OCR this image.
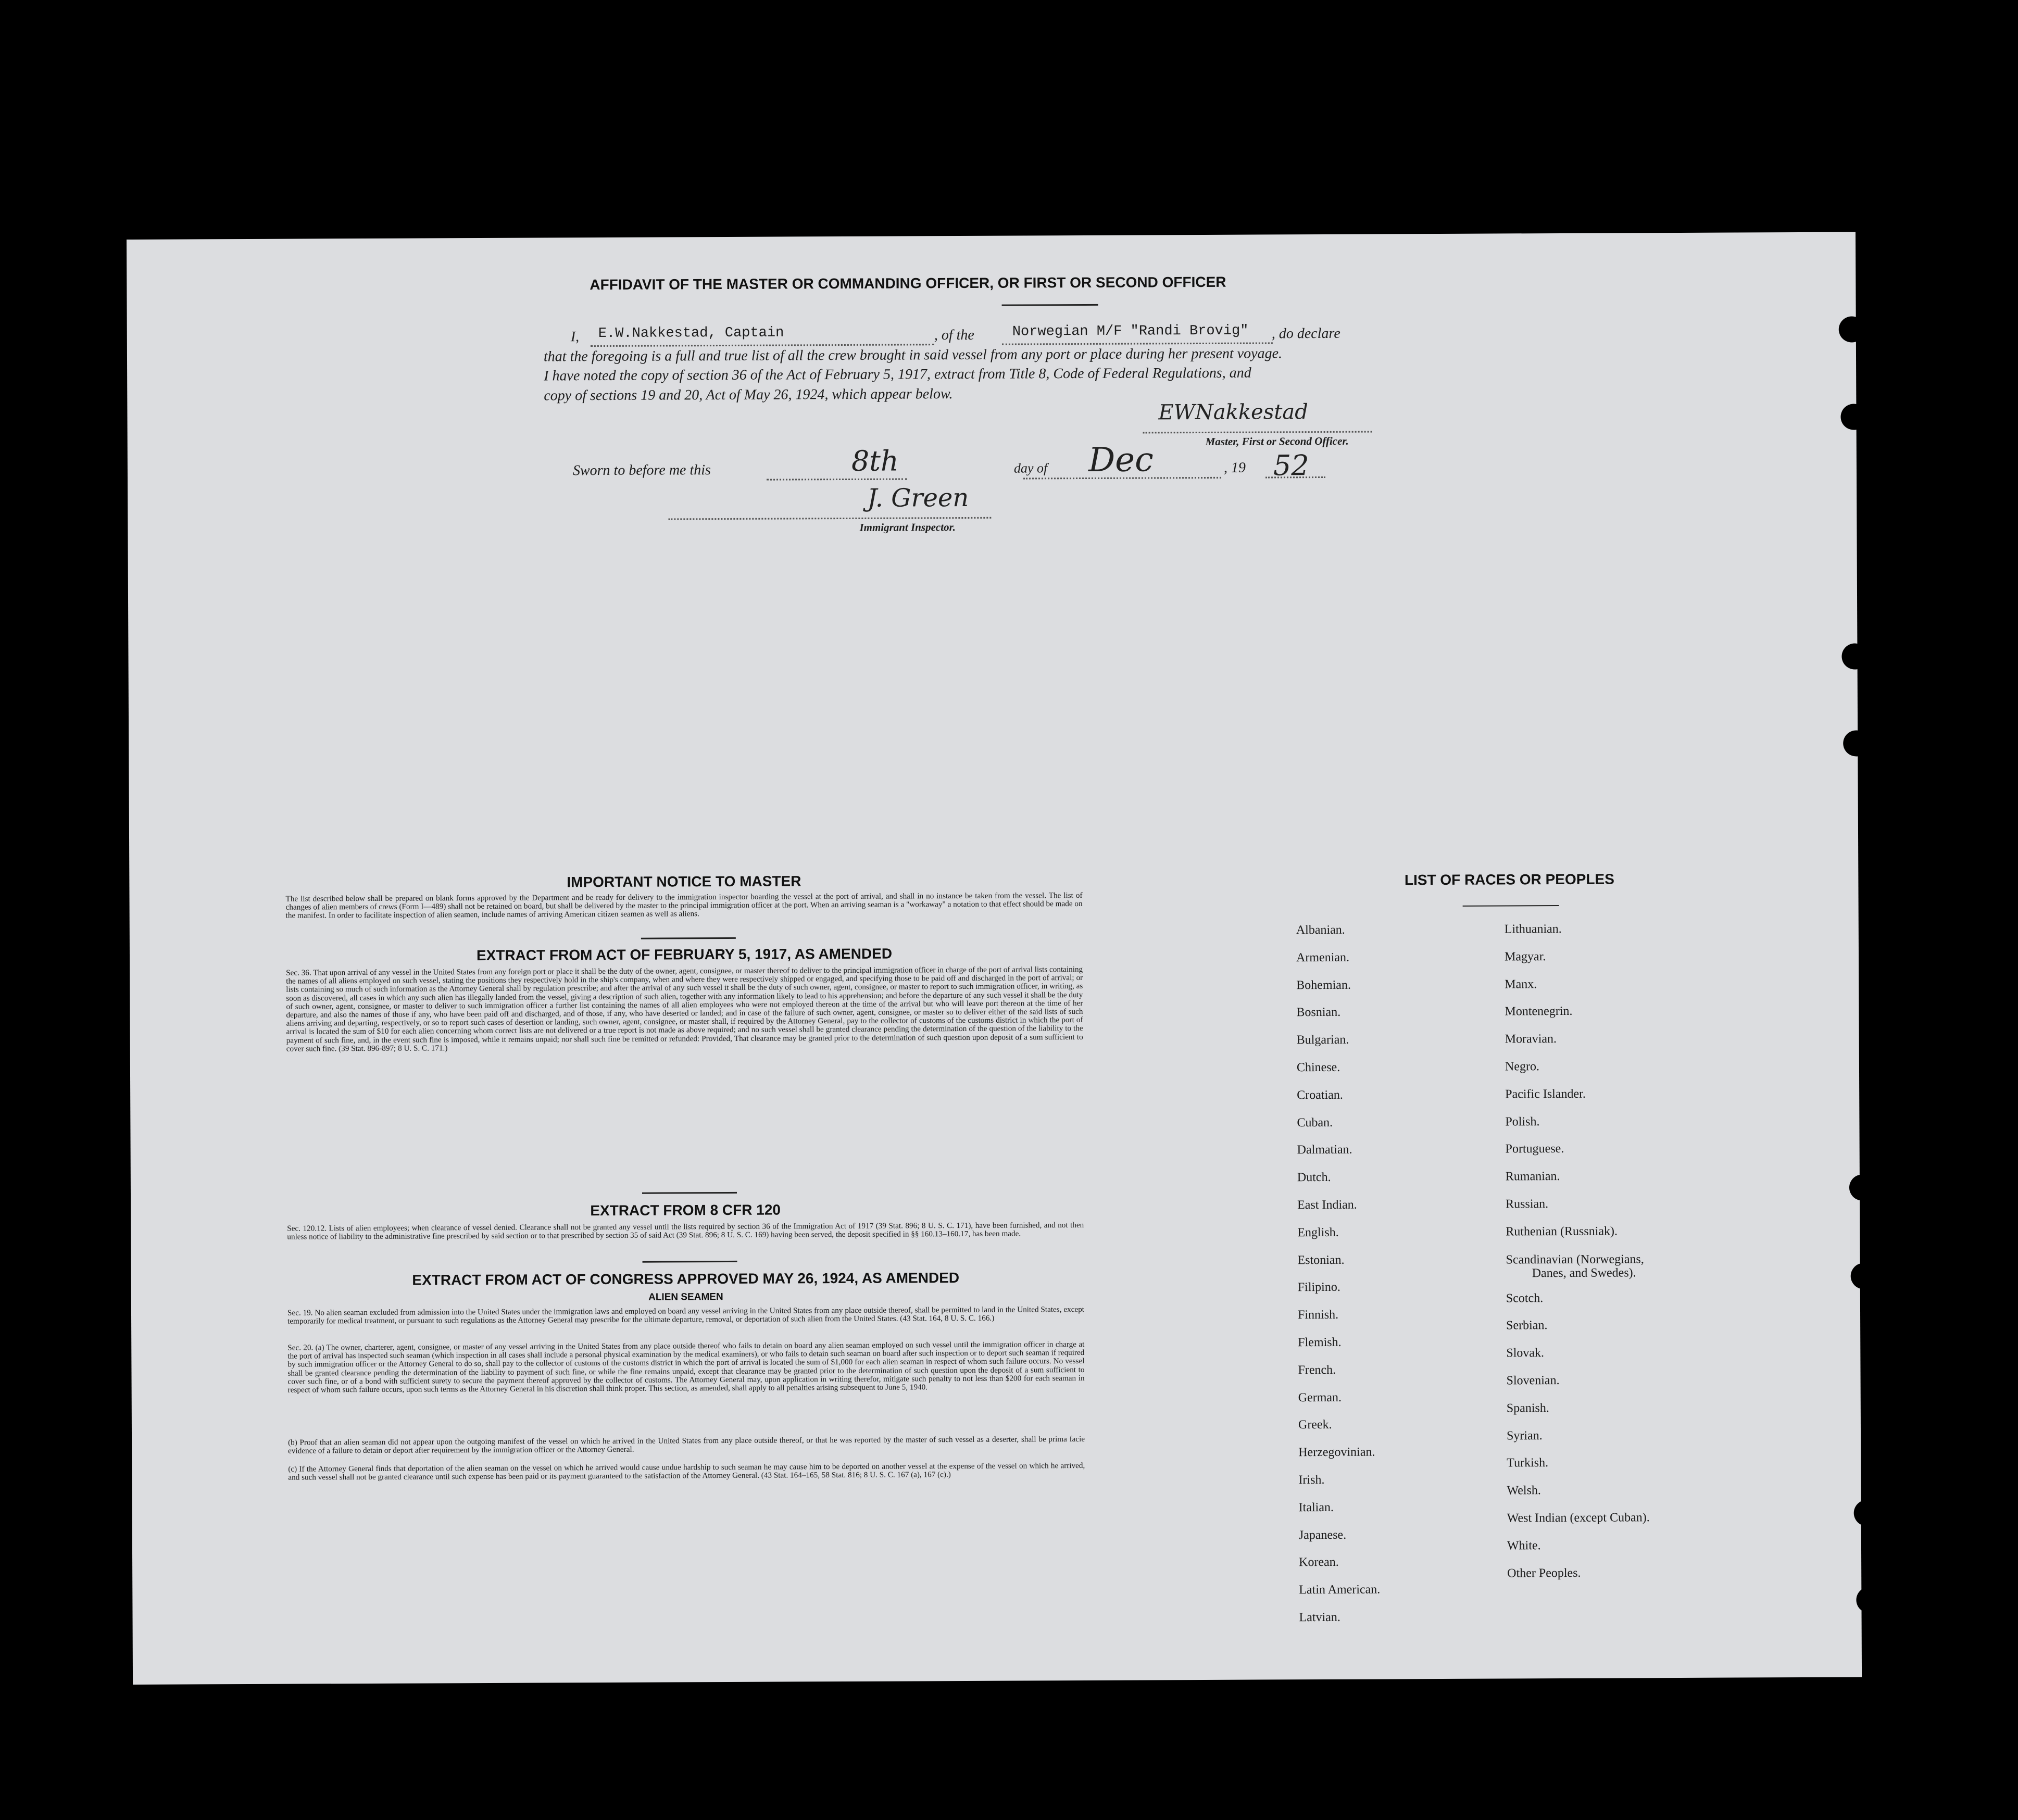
AFFIDAVIT OF THE MASTER OR COMMANDING OFFICER, OR FIRST OR SECOND OFFICER
I, E.W.Nakkestad, Captain	, of the	Norwegian M/F "Randi Brovig" , do declare
that the foregoing is a full and true list of all the crew brought in said vessel from any port or place during her present voyage.
I have noted the copy of section 36 of the Act of February 5, 1917, extract from Title 8, Code of Federal Regulations, and
copy of sections 19 and 20, Act of May 26, 1924, which appear below.
EWNakkestad
Master, First or Second Officer.
Sworn to before me this	8th	day of Dec	, 19 52
J. Green
Immigrant Inspector.
IMPORTANT NOTICE TO MASTER
The list described below shall be prepared on blank forms approved by the Department and be ready for delivery to the immigration inspector boarding the vessel at the port of arrival, and shall in no instance be taken from the vessel. The list of changes of alien members of crews (Form I—489) shall not be retained on board, but shall be delivered by the master to the principal immigration officer at the port. When an arriving seaman is a "workaway" a notation to that effect should be made on the manifest. In order to facilitate inspection of alien seamen, include names of arriving American citizen seamen as well as aliens.
EXTRACT FROM ACT OF FEBRUARY 5, 1917, AS AMENDED
Sec. 36. That upon arrival of any vessel in the United States from any foreign port or place it shall be the duty of the owner, agent, consignee, or master thereof to deliver to the principal immigration officer in charge of the port of arrival lists containing the names of all aliens employed on such vessel, stating the positions they respectively hold in the ship's company, when and where they were respectively shipped or engaged, and specifying those to be paid off and discharged in the port of arrival; or lists containing so much of such information as the Attorney General shall by regulation prescribe; and after the arrival of any such vessel it shall be the duty of such owner, agent, consignee, or master to report to such immigration officer, in writing, as soon as discovered, all cases in which any such alien has illegally landed from the vessel, giving a description of such alien, together with any information likely to lead to his apprehension; and before the departure of any such vessel it shall be the duty of such owner, agent, consignee, or master to deliver to such immigration officer a further list containing the names of all alien employees who were not employed thereon at the time of the arrival but who will leave port thereon at the time of her departure, and also the names of those if any, who have been paid off and discharged, and of those, if any, who have deserted or landed; and in case of the failure of such owner, agent, consignee, or master so to deliver either of the said lists of such aliens arriving and departing, respectively, or so to report such cases of desertion or landing, such owner, agent, consignee, or master shall, if required by the Attorney General, pay to the collector of customs of the customs district in which the port of arrival is located the sum of $10 for each alien concerning whom correct lists are not delivered or a true report is not made as above required; and no such vessel shall be granted clearance pending the determination of the question of the liability to the payment of such fine, and, in the event such fine is imposed, while it remains unpaid; nor shall such fine be remitted or refunded: Provided, That clearance may be granted prior to the determination of such question upon deposit of a sum sufficient to cover such fine. (39 Stat. 896-897; 8 U. S. C. 171.)
EXTRACT FROM 8 CFR 120
Sec. 120.12. Lists of alien employees; when clearance of vessel denied. Clearance shall not be granted any vessel until the lists required by section 36 of the Immigration Act of 1917 (39 Stat. 896; 8 U. S. C. 171), have been furnished, and not then unless notice of liability to the administrative fine prescribed by said section or to that prescribed by section 35 of said Act (39 Stat. 896; 8 U. S. C. 169) having been served, the deposit specified in §§ 160.13–160.17, has been made.
EXTRACT FROM ACT OF CONGRESS APPROVED MAY 26, 1924, AS AMENDED
ALIEN SEAMEN
Sec. 19. No alien seaman excluded from admission into the United States under the immigration laws and employed on board any vessel arriving in the United States from any place outside thereof, shall be permitted to land in the United States, except temporarily for medical treatment, or pursuant to such regulations as the Attorney General may prescribe for the ultimate departure, removal, or deportation of such alien from the United States. (43 Stat. 164, 8 U. S. C. 166.)
Sec. 20. (a) The owner, charterer, agent, consignee, or master of any vessel arriving in the United States from any place outside thereof who fails to detain on board any alien seaman employed on such vessel until the immigration officer in charge at the port of arrival has inspected such seaman (which inspection in all cases shall include a personal physical examination by the medical examiners), or who fails to detain such seaman on board after such inspection or to deport such seaman if required by such immigration officer or the Attorney General to do so, shall pay to the collector of customs of the customs district in which the port of arrival is located the sum of $1,000 for each alien seaman in respect of whom such failure occurs. No vessel shall be granted clearance pending the determination of the liability to payment of such fine, or while the fine remains unpaid, except that clearance may be granted prior to the determination of such question upon the deposit of a sum sufficient to cover such fine, or of a bond with sufficient surety to secure the payment thereof approved by the collector of customs. The Attorney General may, upon application in writing therefor, mitigate such penalty to not less than $200 for each seaman in respect of whom such failure occurs, upon such terms as the Attorney General in his discretion shall think proper. This section, as amended, shall apply to all penalties arising subsequent to June 5, 1940.
(b) Proof that an alien seaman did not appear upon the outgoing manifest of the vessel on which he arrived in the United States from any place outside thereof, or that he was reported by the master of such vessel as a deserter, shall be prima facie evidence of a failure to detain or deport after requirement by the immigration officer or the Attorney General.
(c) If the Attorney General finds that deportation of the alien seaman on the vessel on which he arrived would cause undue hardship to such seaman he may cause him to be deported on another vessel at the expense of the vessel on which he arrived, and such vessel shall not be granted clearance until such expense has been paid or its payment guaranteed to the satisfaction of the Attorney General. (43 Stat. 164–165, 58 Stat. 816; 8 U. S. C. 167 (a), 167 (c).)
LIST OF RACES OR PEOPLES
Albanian.
Armenian.
Bohemian.
Bosnian.
Bulgarian.
Chinese.
Croatian.
Cuban.
Dalmatian.
Dutch.
East Indian.
English.
Estonian.
Filipino.
Finnish.
Flemish.
French.
German.
Greek.
Herzegovinian.
Irish.
Italian.
Japanese.
Korean.
Latin American.
Latvian.
Lithuanian.
Magyar.
Manx.
Montenegrin.
Moravian.
Negro.
Pacific Islander.
Polish.
Portuguese.
Rumanian.
Russian.
Ruthenian (Russniak).
Scandinavian (Norwegians,
Danes, and Swedes).
Scotch.
Serbian.
Slovak.
Slovenian.
Spanish.
Syrian.
Turkish.
Welsh.
West Indian (except Cuban).
White.
Other Peoples.
